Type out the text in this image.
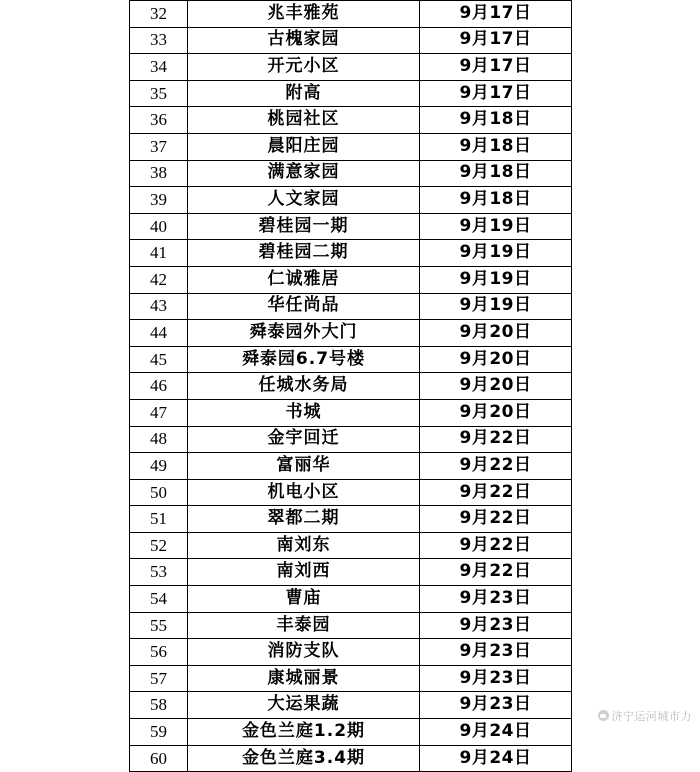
32	兆丰雅苑	9月17日
33	古槐家园	9月17日
34	开元小区	9月17日
35	附高	9月17日
36	桃园社区	9月18日
37	晨阳庄园	9月18日
38	满意家园	9月18日
39	人文家园	9月18日
40	碧桂园一期	9月19日
41	碧桂园二期	9月19日
42	仁诚雅居	9月19日
43	华任尚品	9月19日
44	舜泰园外大门	9月20日
45	舜泰园6.7号楼	9月20日
46	任城水务局	9月20日
47	书城	9月20日
48	金宇回迁	9月22日
49	富丽华	9月22日
50	机电小区	9月22日
51	翠都二期	9月22日
52	南刘东	9月22日
53	南刘西	9月22日
54	曹庙	9月23日
55	丰泰园	9月23日
56	消防支队	9月23日
57	康城丽景	9月23日
58	大运果蔬	9月23日
59	金色兰庭1.2期	9月24日
60	金色兰庭3.4期	9月24日
济宁运河城市力
